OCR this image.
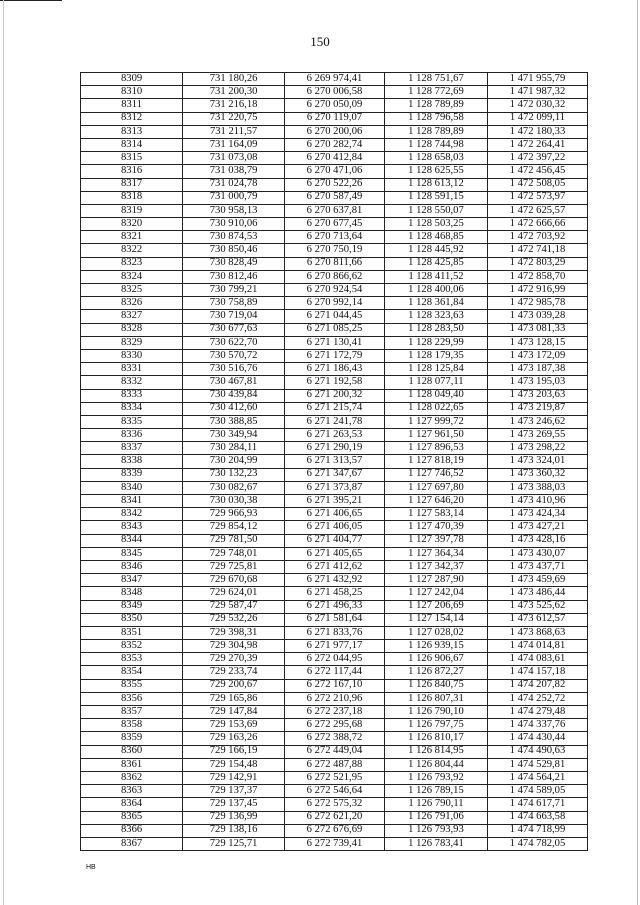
150
8309	731 180,26	6 269 974,41	1 128 751,67	1 471 955,79
8310	731 200,30	6 270 006,58	1 128 772,69	1 471 987,32
8311	731 216,18	6 270 050,09	1 128 789,89	1 472 030,32
8312	731 220,75	6 270 119,07	1 128 796,58	1 472 099,11
8313	731 211,57	6 270 200,06	1 128 789,89	1 472 180,33
8314	731 164,09	6 270 282,74	1 128 744,98	1 472 264,41
8315	731 073,08	6 270 412,84	1 128 658,03	1 472 397,22
8316	731 038,79	6 270 471,06	1 128 625,55	1 472 456,45
8317	731 024,78	6 270 522,26	1 128 613,12	1 472 508,05
8318	731 000,79	6 270 587,49	1 128 591,15	1 472 573,97
8319	730 958,13	6 270 637,81	1 128 550,07	1 472 625,57
8320	730 910,06	6 270 677,45	1 128 503,25	1 472 666,66
8321	730 874,53	6 270 713,64	1 128 468,85	1 472 703,92
8322	730 850,46	6 270 750,19	1 128 445,92	1 472 741,18
8323	730 828,49	6 270 811,66	1 128 425,85	1 472 803,29
8324	730 812,46	6 270 866,62	1 128 411,52	1 472 858,70
8325	730 799,21	6 270 924,54	1 128 400,06	1 472 916,99
8326	730 758,89	6 270 992,14	1 128 361,84	1 472 985,78
8327	730 719,04	6 271 044,45	1 128 323,63	1 473 039,28
8328	730 677,63	6 271 085,25	1 128 283,50	1 473 081,33
8329	730 622,70	6 271 130,41	1 128 229,99	1 473 128,15
8330	730 570,72	6 271 172,79	1 128 179,35	1 473 172,09
8331	730 516,76	6 271 186,43	1 128 125,84	1 473 187,38
8332	730 467,81	6 271 192,58	1 128 077,11	1 473 195,03
8333	730 439,84	6 271 200,32	1 128 049,40	1 473 203,63
8334	730 412,60	6 271 215,74	1 128 022,65	1 473 219,87
8335	730 388,85	6 271 241,78	1 127 999,72	1 473 246,62
8336	730 349,94	6 271 263,53	1 127 961,50	1 473 269,55
8337	730 284,11	6 271 290,19	1 127 896,53	1 473 298,22
8338	730 204,99	6 271 313,57	1 127 818,19	1 473 324,01
8339	730 132,23	6 271 347,67	1 127 746,52	1 473 360,32
8340	730 082,67	6 271 373,87	1 127 697,80	1 473 388,03
8341	730 030,38	6 271 395,21	1 127 646,20	1 473 410,96
8342	729 966,93	6 271 406,65	1 127 583,14	1 473 424,34
8343	729 854,12	6 271 406,05	1 127 470,39	1 473 427,21
8344	729 781,50	6 271 404,77	1 127 397,78	1 473 428,16
8345	729 748,01	6 271 405,65	1 127 364,34	1 473 430,07
8346	729 725,81	6 271 412,62	1 127 342,37	1 473 437,71
8347	729 670,68	6 271 432,92	1 127 287,90	1 473 459,69
8348	729 624,01	6 271 458,25	1 127 242,04	1 473 486,44
8349	729 587,47	6 271 496,33	1 127 206,69	1 473 525,62
8350	729 532,26	6 271 581,64	1 127 154,14	1 473 612,57
8351	729 398,31	6 271 833,76	1 127 028,02	1 473 868,63
8352	729 304,98	6 271 977,17	1 126 939,15	1 474 014,81
8353	729 270,39	6 272 044,95	1 126 906,67	1 474 083,61
8354	729 233,74	6 272 117,44	1 126 872,27	1 474 157,18
8355	729 200,67	6 272 167,10	1 126 840,75	1 474 207,82
8356	729 165,86	6 272 210,96	1 126 807,31	1 474 252,72
8357	729 147,84	6 272 237,18	1 126 790,10	1 474 279,48
8358	729 153,69	6 272 295,68	1 126 797,75	1 474 337,76
8359	729 163,26	6 272 388,72	1 126 810,17	1 474 430,44
8360	729 166,19	6 272 449,04	1 126 814,95	1 474 490,63
8361	729 154,48	6 272 487,88	1 126 804,44	1 474 529,81
8362	729 142,91	6 272 521,95	1 126 793,92	1 474 564,21
8363	729 137,37	6 272 546,64	1 126 789,15	1 474 589,05
8364	729 137,45	6 272 575,32	1 126 790,11	1 474 617,71
8365	729 136,99	6 272 621,20	1 126 791,06	1 474 663,58
8366	729 138,16	6 272 676,69	1 126 793,93	1 474 718,99
8367	729 125,71	6 272 739,41	1 126 783,41	1 474 782,05
НВ
